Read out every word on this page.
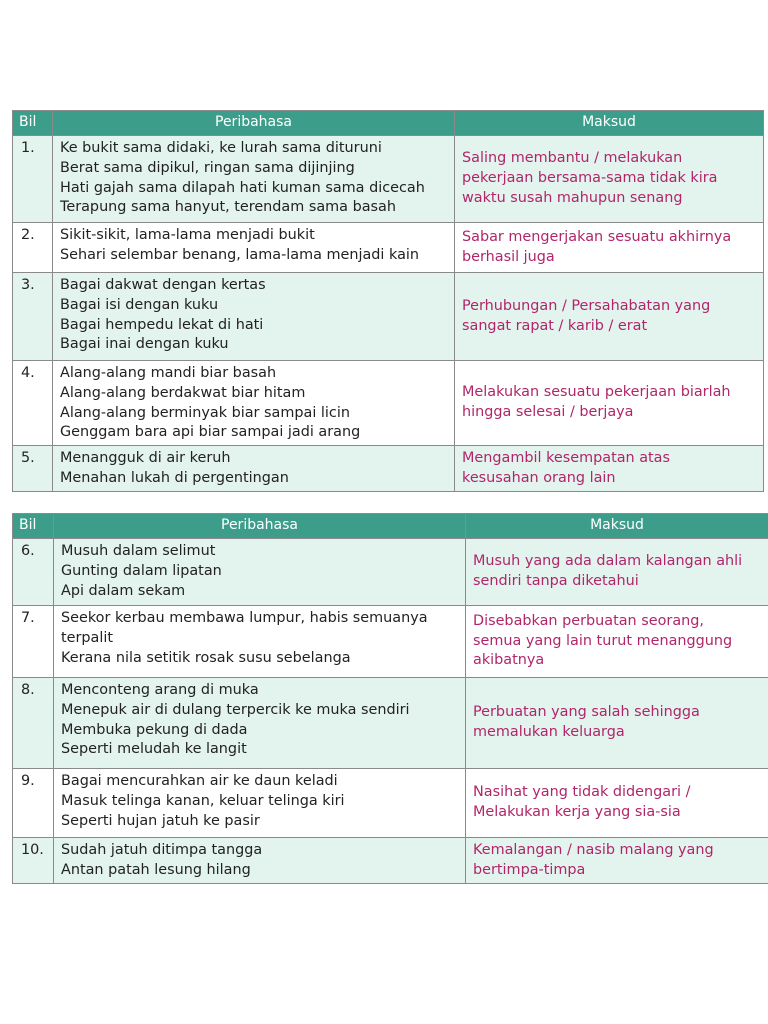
Bil	Peribahasa	Maksud
1.	Ke bukit sama didaki, ke lurah sama dituruni
Berat sama dipikul, ringan sama dijinjing
Hati gajah sama dilapah hati kuman sama dicecah
Terapung sama hanyut, terendam sama basah	Saling membantu / melakukan
pekerjaan bersama-sama tidak kira
waktu susah mahupun senang

2.	Sikit-sikit, lama-lama menjadi bukit
Sehari selembar benang, lama-lama menjadi kain	Sabar mengerjakan sesuatu akhirnya
berhasil juga

3.	Bagai dakwat dengan kertas
Bagai isi dengan kuku
Bagai hempedu lekat di hati
Bagai inai dengan kuku	Perhubungan / Persahabatan yang
sangat rapat / karib / erat

4.	Alang-alang mandi biar basah
Alang-alang berdakwat biar hitam
Alang-alang berminyak biar sampai licin
Genggam bara api biar sampai jadi arang	Melakukan sesuatu pekerjaan biarlah
hingga selesai / berjaya

5.	Menangguk di air keruh
Menahan lukah di pergentingan	Mengambil kesempatan atas
kesusahan orang lain
Bil	Peribahasa	Maksud
6.	Musuh dalam selimut
Gunting dalam lipatan
Api dalam sekam	Musuh yang ada dalam kalangan ahli
sendiri tanpa diketahui

7.	Seekor kerbau membawa lumpur, habis semuanya
terpalit
Kerana nila setitik rosak susu sebelanga	Disebabkan perbuatan seorang,
semua yang lain turut menanggung
akibatnya

8.	Menconteng arang di muka
Menepuk air di dulang terpercik ke muka sendiri
Membuka pekung di dada
Seperti meludah ke langit	Perbuatan yang salah sehingga
memalukan keluarga

9.	Bagai mencurahkan air ke daun keladi
Masuk telinga kanan, keluar telinga kiri
Seperti hujan jatuh ke pasir	Nasihat yang tidak didengari /
Melakukan kerja yang sia-sia

10.	Sudah jatuh ditimpa tangga
Antan patah lesung hilang	Kemalangan / nasib malang yang
bertimpa-timpa
